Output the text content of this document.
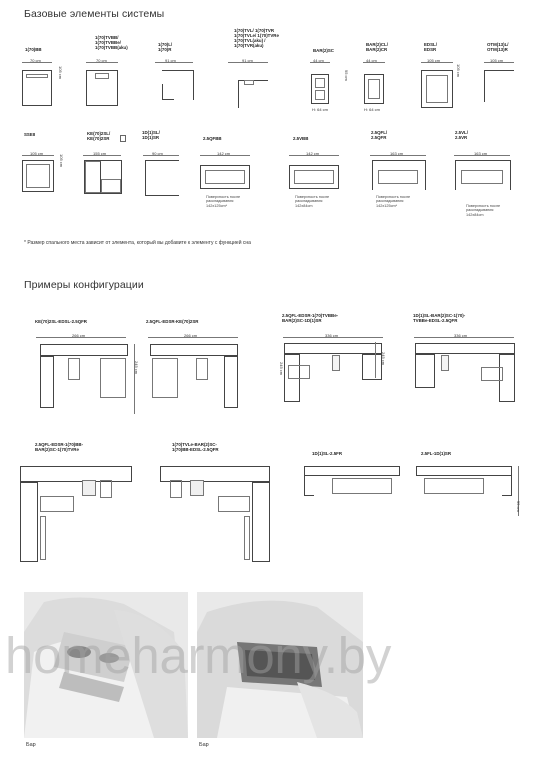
Базовые элементы системы
Примеры конфигурации
1(70)BB
70 cm
105 cm
1(70)TVBB/
1(70)TVBBe/
1(70)TVBB(aku)
70 cm
1(70)L/
1(70)R
91 cm
1(70)TVL/ 1(70)TVR
1(70)TVLe/ 1(70)TVRe
1(70)TVL(aku) /
1(70)TVR(aku)
91 cm
BAR(2)SC
44 cm
95 cm
H: 64 cm
BAR(2)CL/
BAR(2)CR
44 cm
H: 64 cm
EDSL/
EDSR
105 cm
105 cm
OTM(13)L/
OTM(13)R
105 cm
SSEII
105 cm
105 cm
KE(70)2SL/
KE(70)2SR
155 cm
1D(1)SL/
1D(1)SR
90 cm
2.5QFBB
142 cm
Поверхность после
раскладывания
142x125cm*
2.5VBB
142 cm
Поверхность после
раскладывания
142x84cm
2.5QFL/
2.5QFR
163 cm
Поверхность после
раскладывания
142x125cm*
2.5VL/
2.5VR
163 cm
Поверхность после
раскладывания
142x84cm
* Размер спального места зависит от элемента, который вы добавите к элементу с функцией сна
KE(70)2SL-EDSL-2.5QFR
266 cm
245 cm
2.5QFL-EDSR-KE(70)2SR
266 cm
2.5QFL-EDSR-1(70)TVBBe-
BAR(2)SC-1D(1)SR
336 cm
245 cm
245 cm
1D(1)SL-BAR(2)SC-1(70)-
TVBBe-EDSL-2.5QFR
336 cm
2.5QFL-EDSR-1(70)BB-
BAR(2)SC-1(70)TVRe
1(70)TVLe-BAR(2)SC-
1(70)BB-EDSL-2.5QFR
1D(1)SL-2.5FR	2.5FL-1D(1)SR
99 cm
Бар	Бар
homeharmony.by
